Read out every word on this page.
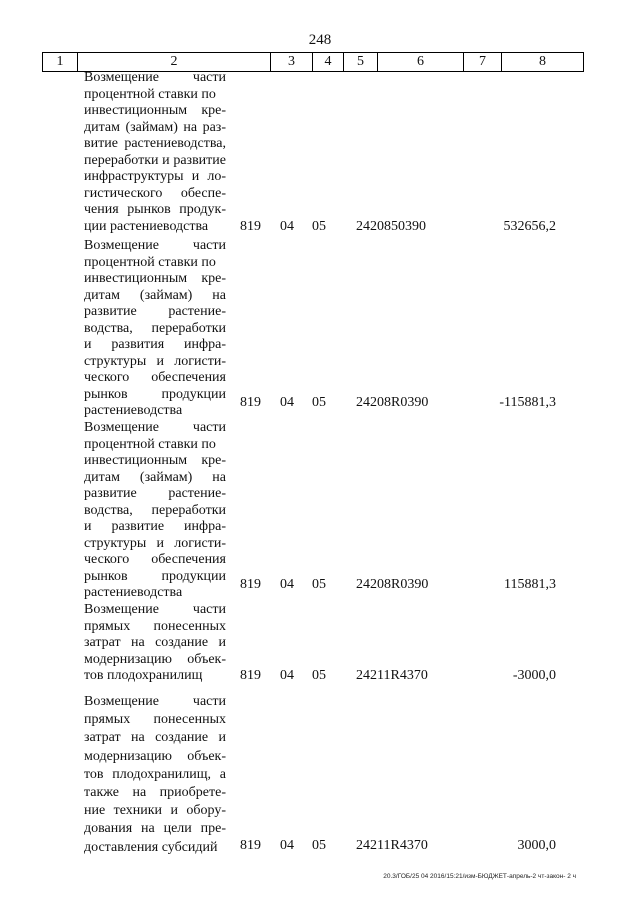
248
1	2	3	4	5	6	7	8
Возмещение части
процентной ставки по
инвестиционным кре-
дитам (займам) на раз-
витие растениеводства,
переработки и развитие
инфраструктуры и ло-
гистического обеспе-
чения рынков продук-
ции растениеводства	819 04 05 2420850390	532656,2
Возмещение части
процентной ставки по
инвестиционным кре-
дитам (займам) на
развитие растение-
водства, переработки
и развития инфра-
структуры и логисти-
ческого обеспечения
рынков продукции
растениеводства
819 04 05 24208R0390	-115881,3
Возмещение части
процентной ставки по
инвестиционным кре-
дитам (займам) на
развитие растение-
водства, переработки
и развитие инфра-
структуры и логисти-
ческого обеспечения
рынков продукции
растениеводства
819 04 05 24208R0390	115881,3
Возмещение части
прямых понесенных
затрат на создание и
модернизацию объек-
тов плодохранилищ	819 04 05 24211R4370	-3000,0
Возмещение части
прямых понесенных
затрат на создание и
модернизацию объек-
тов плодохранилищ, а
также на приобрете-
ние техники и обору-
дования на цели пре-
доставления субсидий	819 04 05 24211R4370	3000,0
20.3/ГОБ/25 04 2016/15:21/изм-БЮДЖЕТ-апрель-2 чт-закон- 2 ч
